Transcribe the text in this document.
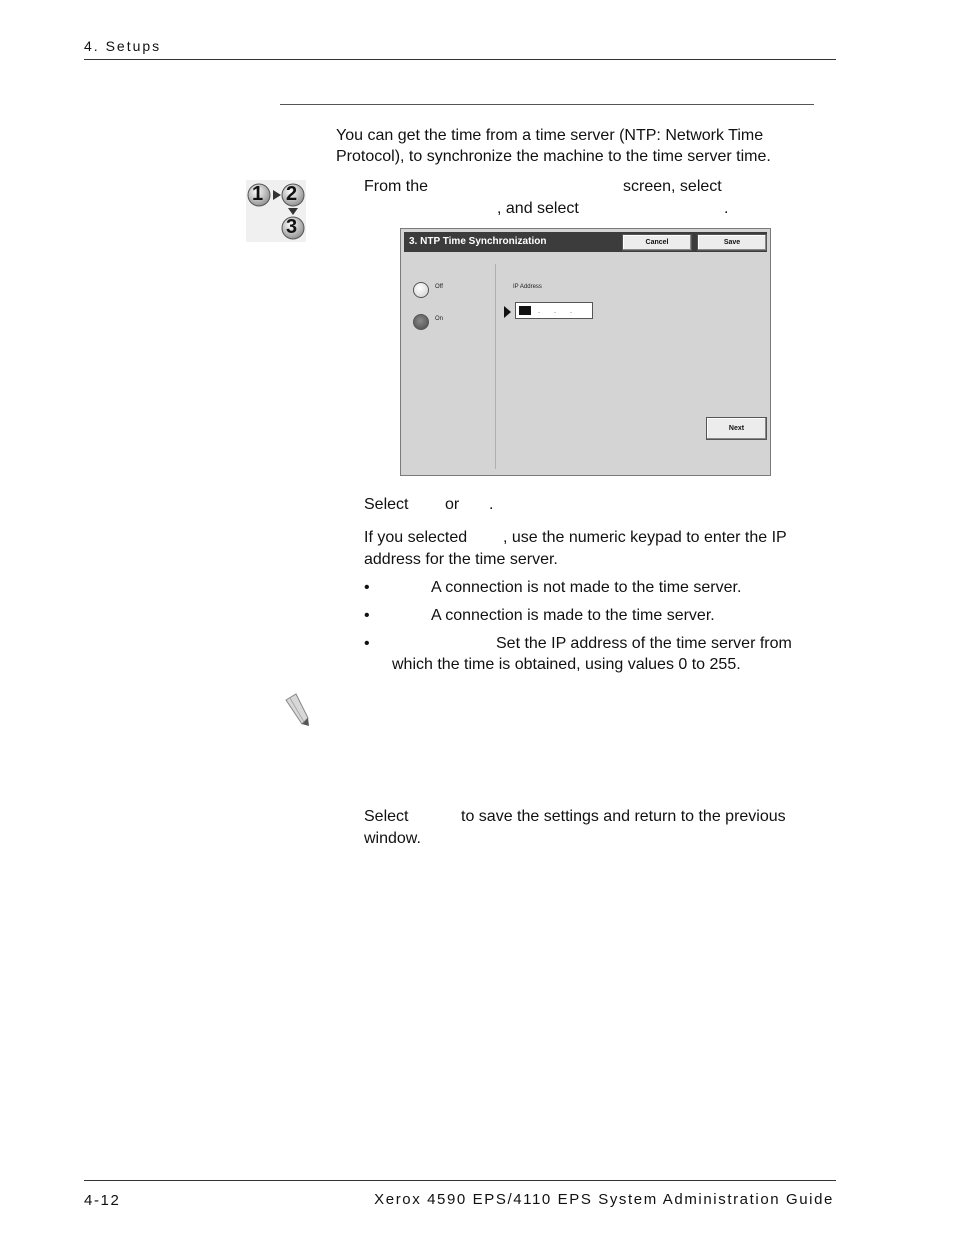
4. Setups
You can get the time from a time server (NTP: Network Time
Protocol), to synchronize the machine to the time server time.
1 2
3
From the	screen, select
, and select	.
3. NTP Time Synchronization	Cancel	Save
Off
On
IP Address
. . .
Next
Select or .
If you selected , use the numeric keypad to enter the IP
address for the time server.
•	A connection is not made to the time server.
•	A connection is made to the time server.
•	Set the IP address of the time server from
which the time is obtained, using values 0 to 255.
Select	to save the settings and return to the previous
window.
4-12	Xerox 4590 EPS/4110 EPS System Administration Guide
